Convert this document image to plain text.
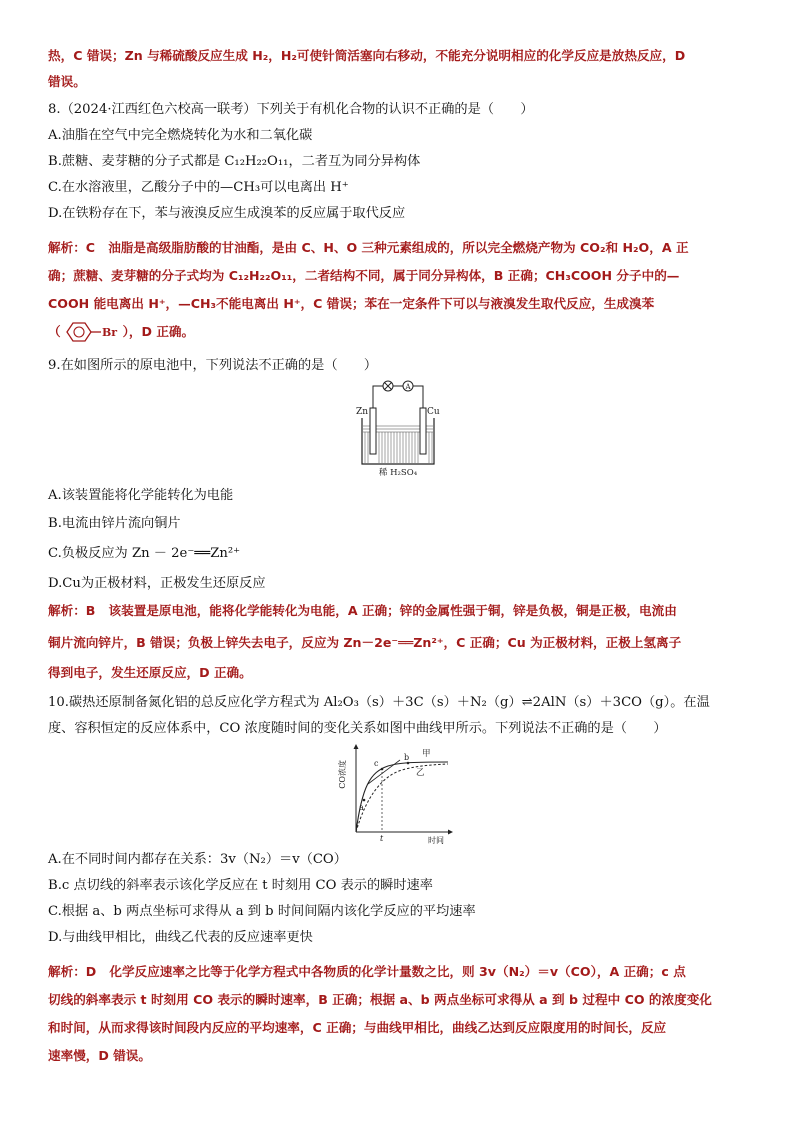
热，C 错误；Zn 与稀硫酸反应生成 H₂，H₂可使针筒活塞向右移动，不能充分说明相应的化学反应是放热反应，D
错误。
8.（2024·江西红色六校高一联考）下列关于有机化合物的认识不正确的是（　　）
A.油脂在空气中完全燃烧转化为水和二氧化碳
B.蔗糖、麦芽糖的分子式都是 C₁₂H₂₂O₁₁，二者互为同分异构体
C.在水溶液里，乙酸分子中的—CH₃可以电离出 H⁺
D.在铁粉存在下，苯与液溴反应生成溴苯的反应属于取代反应
解析：C 油脂是高级脂肪酸的甘油酯，是由 C、H、O 三种元素组成的，所以完全燃烧产物为 CO₂和 H₂O，A 正
确；蔗糖、麦芽糖的分子式均为 C₁₂H₂₂O₁₁，二者结构不同，属于同分异构体，B 正确；CH₃COOH 分子中的—
COOH 能电离出 H⁺，—CH₃不能电离出 H⁺，C 错误；苯在一定条件下可以与液溴发生取代反应，生成溴苯
（	Br ），D 正确。
9.在如图所示的原电池中，下列说法不正确的是（　　）
A
Zn	Cu
稀 H₂SO₄
A.该装置能将化学能转化为电能
B.电流由锌片流向铜片
C.负极反应为 Zn － 2e⁻══Zn²⁺
D.Cu为正极材料，正极发生还原反应
解析：B 该装置是原电池，能将化学能转化为电能，A 正确；锌的金属性强于铜，锌是负极，铜是正极，电流由
铜片流向锌片，B 错误；负极上锌失去电子，反应为 Zn－2e⁻══Zn²⁺，C 正确；Cu 为正极材料，正极上氢离子
得到电子，发生还原反应，D 正确。
10.碳热还原制备氮化铝的总反应化学方程式为 Al₂O₃（s）＋3C（s）＋N₂（g）⇌2AlN（s）＋3CO（g）。在温
度、容积恒定的反应体系中，CO 浓度随时间的变化关系如图中曲线甲所示。下列说法不正确的是（　　）
CO浓度
时间
t
甲
乙
a
b
c
A.在不同时间内都存在关系：3v（N₂）＝v（CO）
B.c 点切线的斜率表示该化学反应在 t 时刻用 CO 表示的瞬时速率
C.根据 a、b 两点坐标可求得从 a 到 b 时间间隔内该化学反应的平均速率
D.与曲线甲相比，曲线乙代表的反应速率更快
解析：D 化学反应速率之比等于化学方程式中各物质的化学计量数之比，则 3v（N₂）＝v（CO），A 正确；c 点
切线的斜率表示 t 时刻用 CO 表示的瞬时速率，B 正确；根据 a、b 两点坐标可求得从 a 到 b 过程中 CO 的浓度变化
和时间，从而求得该时间段内反应的平均速率，C 正确；与曲线甲相比，曲线乙达到反应限度用的时间长，反应
速率慢，D 错误。
